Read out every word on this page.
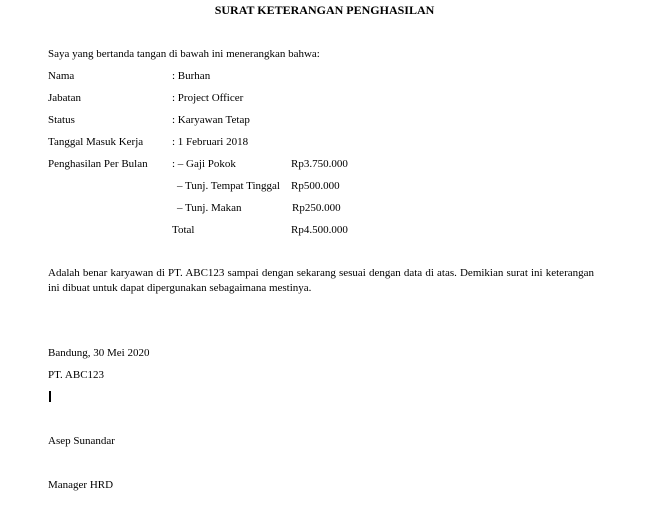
SURAT KETERANGAN PENGHASILAN
Saya yang bertanda tangan di bawah ini menerangkan bahwa:
Nama	: Burhan
Jabatan	: Project Officer
Status	: Karyawan Tetap
Tanggal Masuk Kerja	: 1 Februari 2018
Penghasilan Per Bulan : – Gaji Pokok	Rp3.750.000
– Tunj. Tempat Tinggal Rp500.000
– Tunj. Makan	Rp250.000
Total	Rp4.500.000
Adalah benar karyawan di PT. ABC123 sampai dengan sekarang sesuai dengan data di atas. Demikian surat ini keterangan ini dibuat untuk dapat dipergunakan sebagaimana mestinya.
Bandung, 30 Mei 2020
PT. ABC123
Asep Sunandar
Manager HRD
